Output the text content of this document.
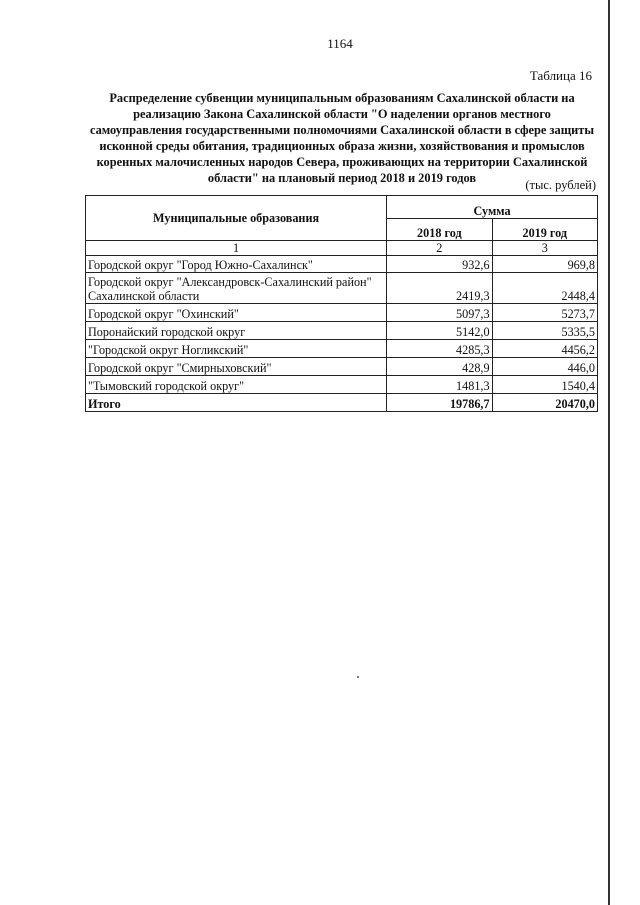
1164
Таблица 16
Распределение субвенции муниципальным образованиям Сахалинской области на реализацию Закона Сахалинской области "О наделении органов местного самоуправления государственными полномочиями Сахалинской области в сфере защиты исконной среды обитания, традиционных образа жизни, хозяйствования и промыслов коренных малочисленных народов Севера, проживающих на территории Сахалинской области" на плановый период 2018 и 2019 годов	(тыс. рублей)
Муниципальные образования	Сумма	
	2018 год	2019 год
1	2	3
Городской округ "Город Южно-Сахалинск"	932,6	969,8
Городской округ "Александровск-Сахалинский район" Сахалинской области	2419,3	2448,4
Городской округ "Охинский"	5097,3	5273,7
Поронайский городской округ	5142,0	5335,5
"Городской округ Ногликский"	4285,3	4456,2
Городской округ "Смирныховский"	428,9	446,0
"Тымовский городской округ"	1481,3	1540,4
Итого	19786,7	20470,0
